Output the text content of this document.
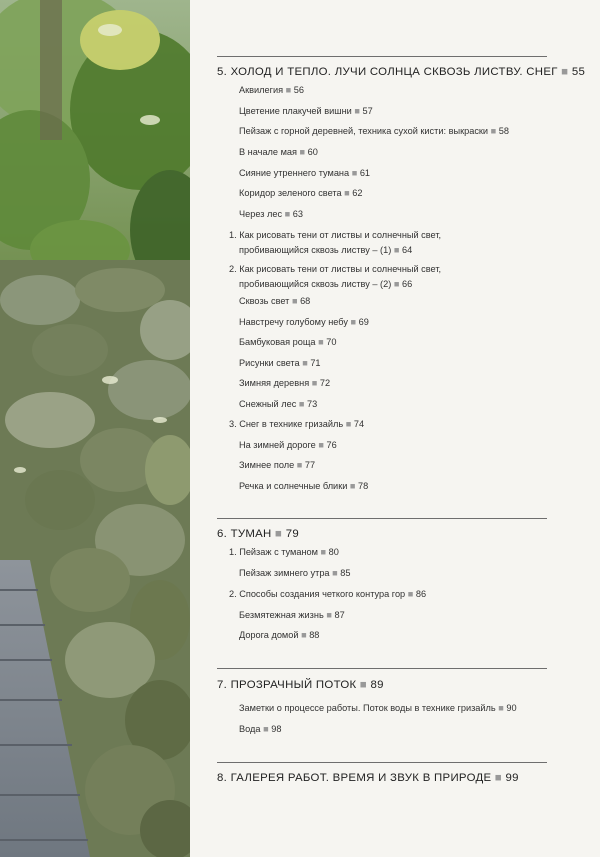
5. ХОЛОД И ТЕПЛО. ЛУЧИ СОЛНЦА СКВОЗЬ ЛИСТВУ. СНЕГ ■ 55
Аквилегия ■ 56
Цветение плакучей вишни ■ 57
Пейзаж с горной деревней, техника сухой кисти: выкраски ■ 58
В начале мая ■ 60
Сияние утреннего тумана ■ 61
Коридор зеленого света ■ 62
Через лес ■ 63
1. Как рисовать тени от листвы и солнечный свет,
пробивающийся сквозь листву – (1) ■ 64
2. Как рисовать тени от листвы и солнечный свет,
пробивающийся сквозь листву – (2) ■ 66
Сквозь свет ■ 68
Навстречу голубому небу ■ 69
Бамбуковая роща ■ 70
Рисунки света ■ 71
Зимняя деревня ■ 72
Снежный лес ■ 73
3. Снег в технике гризайль ■ 74
На зимней дороге ■ 76
Зимнее поле ■ 77
Речка и солнечные блики ■ 78
6. ТУМАН ■ 79
1. Пейзаж с туманом ■ 80
Пейзаж зимнего утра ■ 85
2. Способы создания четкого контура гор ■ 86
Безмятежная жизнь ■ 87
Дорога домой ■ 88
7. ПРОЗРАЧНЫЙ ПОТОК ■ 89
Заметки о процессе работы. Поток воды в технике гризайль ■ 90
Вода ■ 98
8. ГАЛЕРЕЯ РАБОТ. ВРЕМЯ И ЗВУК В ПРИРОДЕ ■ 99
